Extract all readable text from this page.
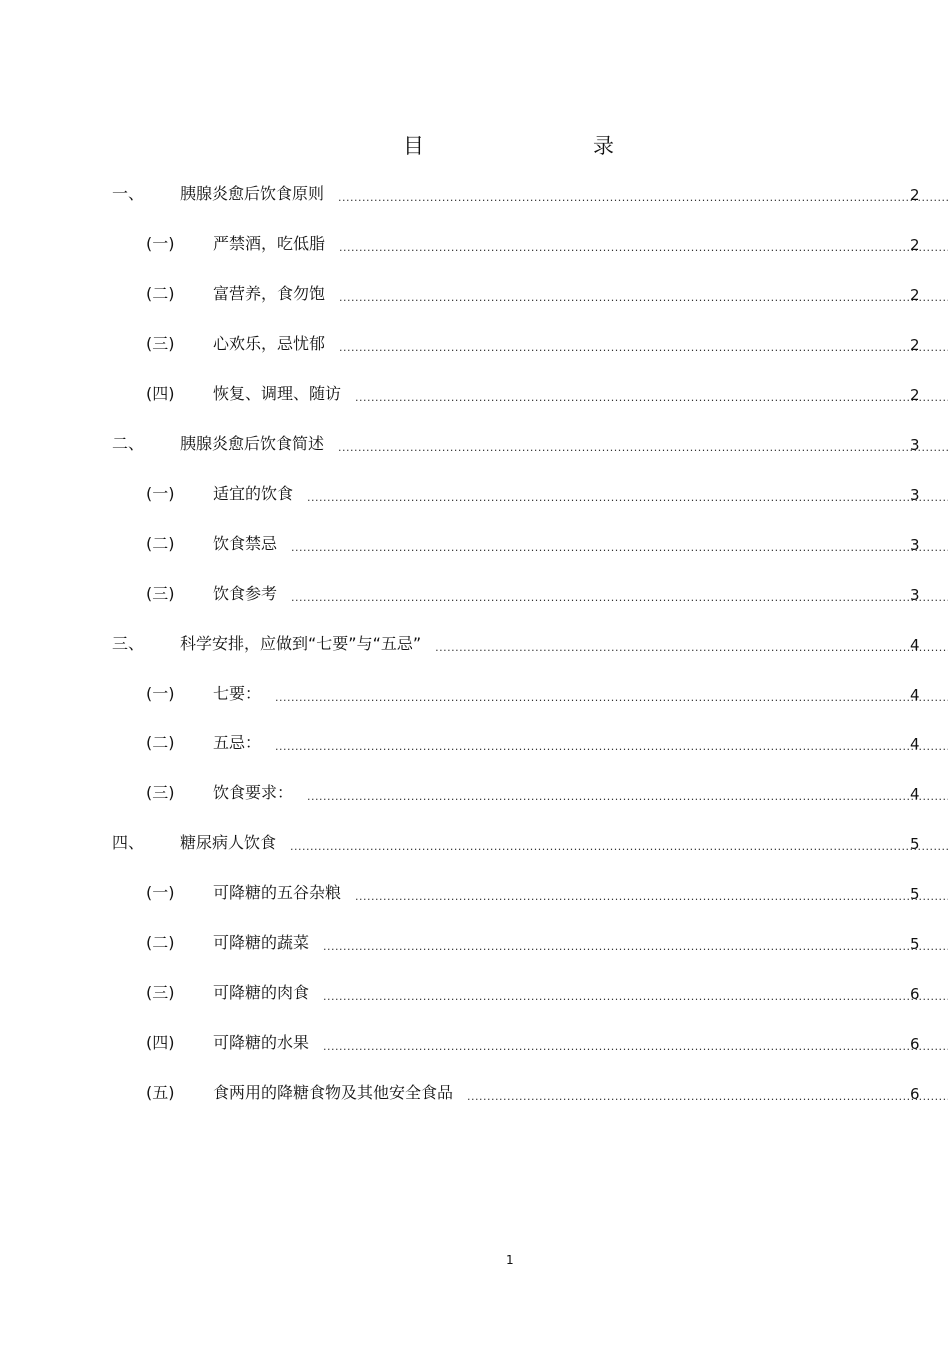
目	录
一、	胰腺炎愈后饮食原则 .....	2
(一)	严禁酒，吃低脂 .....	2
(二)	富营养，食勿饱 .....	2
(三)	心欢乐，忌忧郁 .....	2
(四)	恢复、调理、随访 .....	2
二、	胰腺炎愈后饮食简述 .....	3
(一)	适宜的饮食 .....	3
(二)	饮食禁忌 .....	3
(三)	饮食参考 .....	3
三、	科学安排，应做到“七要”与“五忌” .....	4
(一)	七要： .....	4
(二)	五忌： .....	4
(三)	饮食要求： .....	4
四、	糖尿病人饮食 .....	5
(一)	可降糖的五谷杂粮 .....	5
(二)	可降糖的蔬菜 .....	5
(三)	可降糖的肉食 .....	6
(四)	可降糖的水果 .....	6
(五)	食两用的降糖食物及其他安全食品 .....	6
1
